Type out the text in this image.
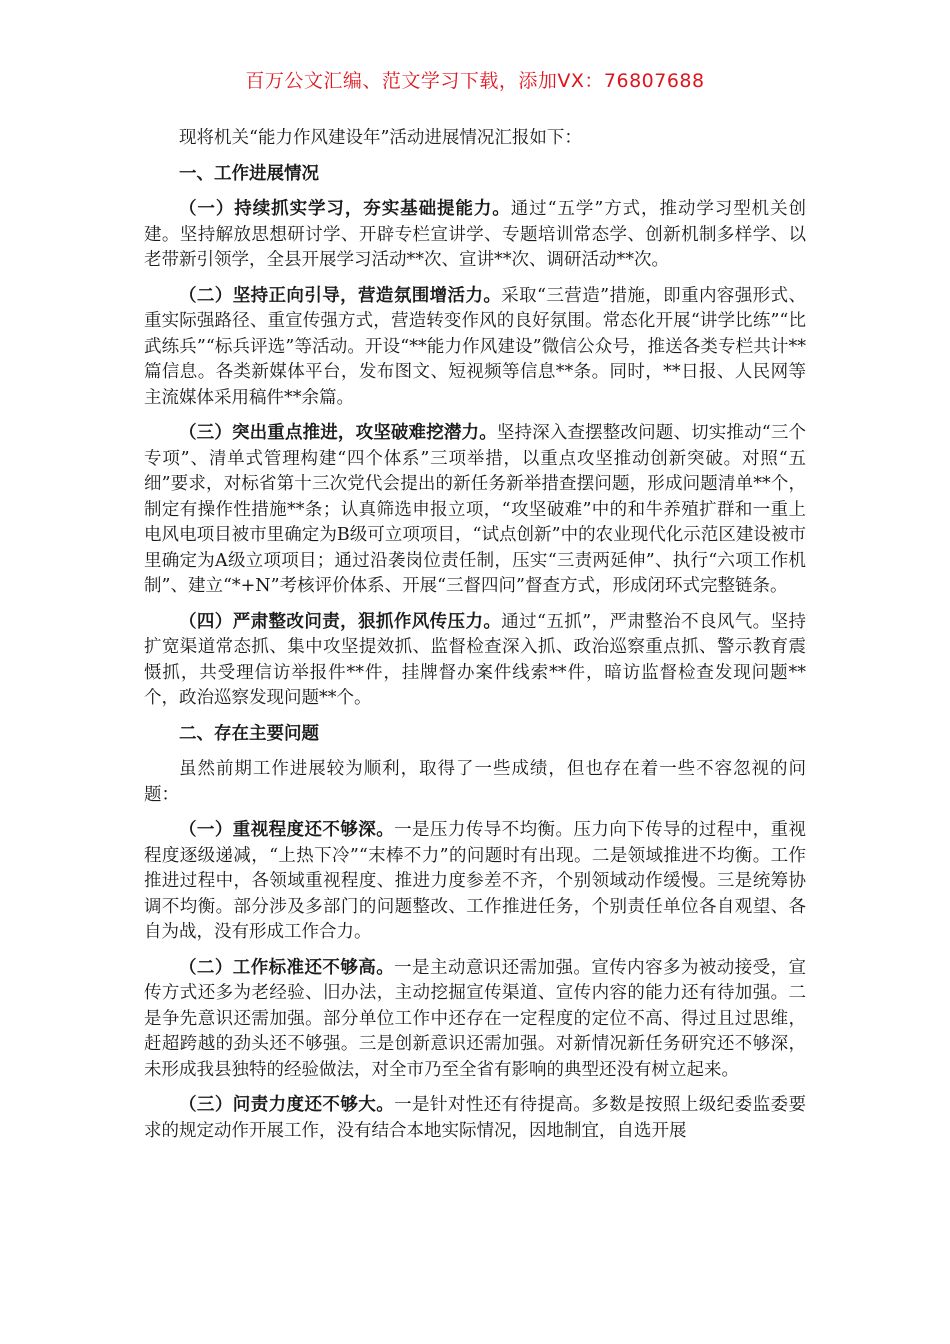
百万公文汇编、范文学习下载，添加VX：76807688

现将机关“能力作风建设年”活动进展情况汇报如下：

一、工作进展情况

（一）持续抓实学习，夯实基础提能力。通过“五学”方式，推动学习型机关创建。坚持解放思想研讨学、开辟专栏宣讲学、专题培训常态学、创新机制多样学、以老带新引领学，全县开展学习活动**次、宣讲**次、调研活动**次。

（二）坚持正向引导，营造氛围增活力。采取“三营造”措施，即重内容强形式、重实际强路径、重宣传强方式，营造转变作风的良好氛围。常态化开展“讲学比练”“比武练兵”“标兵评选”等活动。开设“**能力作风建设”微信公众号，推送各类专栏共计**篇信息。各类新媒体平台，发布图文、短视频等信息**条。同时，**日报、人民网等主流媒体采用稿件**余篇。

（三）突出重点推进，攻坚破难挖潜力。坚持深入查摆整改问题、切实推动“三个专项”、清单式管理构建“四个体系”三项举措，以重点攻坚推动创新突破。对照“五细”要求，对标省第十三次党代会提出的新任务新举措查摆问题，形成问题清单**个，制定有操作性措施**条；认真筛选申报立项，“攻坚破难”中的和牛养殖扩群和一重上电风电项目被市里确定为B级可立项项目，“试点创新”中的农业现代化示范区建设被市里确定为A级立项项目；通过沿袭岗位责任制，压实“三责两延伸”、执行“六项工作机制”、建立“*+N”考核评价体系、开展“三督四问”督查方式，形成闭环式完整链条。

（四）严肃整改问责，狠抓作风传压力。通过“五抓”，严肃整治不良风气。坚持扩宽渠道常态抓、集中攻坚提效抓、监督检查深入抓、政治巡察重点抓、警示教育震慑抓，共受理信访举报件**件，挂牌督办案件线索**件，暗访监督检查发现问题**个，政治巡察发现问题**个。

二、存在主要问题

虽然前期工作进展较为顺利，取得了一些成绩，但也存在着一些不容忽视的问题：

（一）重视程度还不够深。一是压力传导不均衡。压力向下传导的过程中，重视程度逐级递减，“上热下冷”“末棒不力”的问题时有出现。二是领域推进不均衡。工作推进过程中，各领域重视程度、推进力度参差不齐，个别领域动作缓慢。三是统筹协调不均衡。部分涉及多部门的问题整改、工作推进任务，个别责任单位各自观望、各自为战，没有形成工作合力。

（二）工作标准还不够高。一是主动意识还需加强。宣传内容多为被动接受，宣传方式还多为老经验、旧办法，主动挖掘宣传渠道、宣传内容的能力还有待加强。二是争先意识还需加强。部分单位工作中还存在一定程度的定位不高、得过且过思维，赶超跨越的劲头还不够强。三是创新意识还需加强。对新情况新任务研究还不够深，未形成我县独特的经验做法，对全市乃至全省有影响的典型还没有树立起来。

（三）问责力度还不够大。一是针对性还有待提高。多数是按照上级纪委监委要求的规定动作开展工作，没有结合本地实际情况，因地制宜，自选开展
